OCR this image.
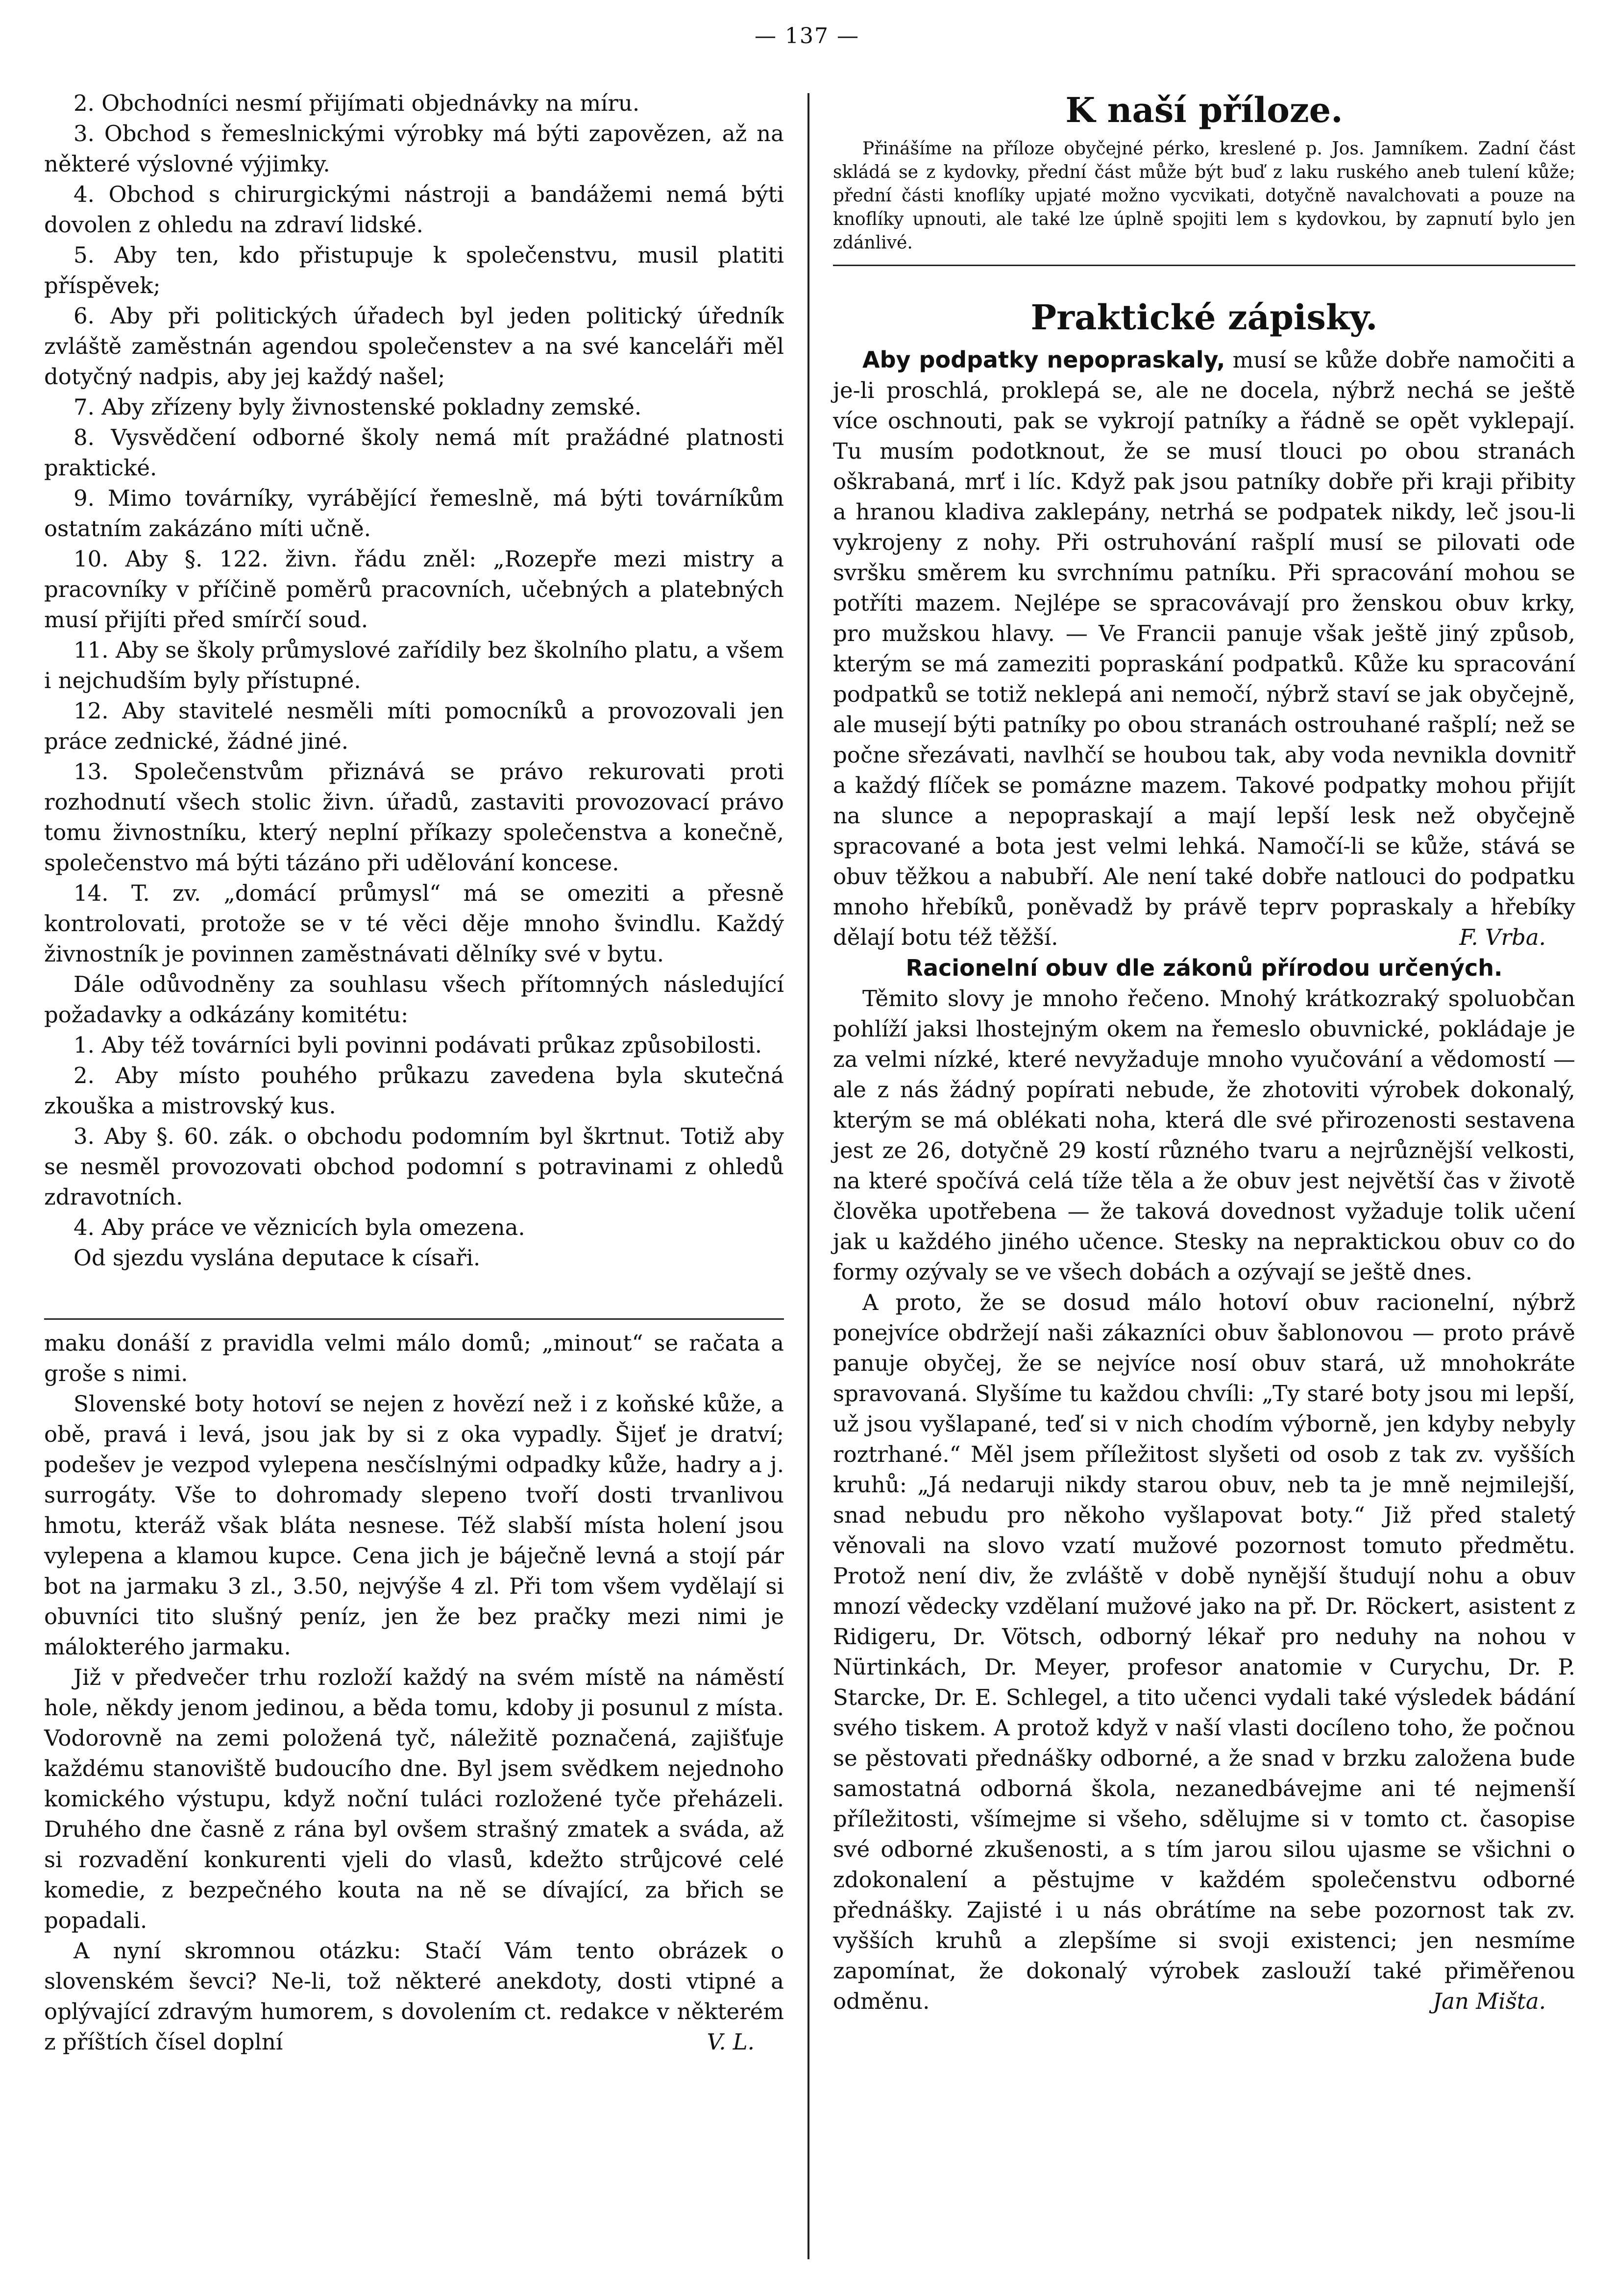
— 137 —

2. Obchodníci nesmí přijímati objednávky na míru.

3. Obchod s řemeslnickými výrobky má býti zapovězen, až na některé výslovné výjimky.

4. Obchod s chirurgickými nástroji a bandážemi nemá býti dovolen z ohledu na zdraví lidské.

5. Aby ten, kdo přistupuje k společenstvu, musil platiti příspěvek;

6. Aby při politických úřadech byl jeden politický úředník zvláště zaměstnán agendou společenstev a na své kanceláři měl dotyčný nadpis, aby jej každý našel;

7. Aby zřízeny byly živnostenské pokladny zemské.

8. Vysvědčení odborné školy nemá mít pražádné platnosti praktické.

9. Mimo továrníky, vyrábějící řemeslně, má býti továrníkům ostatním zakázáno míti učně.

10. Aby §. 122. živn. řádu zněl: „Rozepře mezi mistry a pracovníky v příčině poměrů pracovních, učebných a platebných musí přijíti před smírčí soud.

11. Aby se školy průmyslové zařídily bez školního platu, a všem i nejchudším byly přístupné.

12. Aby stavitelé nesměli míti pomocníků a provozovali jen práce zednické, žádné jiné.

13. Společenstvům přiznává se právo rekurovati proti rozhodnutí všech stolic živn. úřadů, zastaviti provozovací právo tomu živnostníku, který neplní příkazy společenstva a konečně, společenstvo má býti tázáno při udělování koncese.

14. T. zv. „domácí průmysl“ má se omeziti a přesně kontrolovati, protože se v té věci děje mnoho švindlu. Každý živnostník je povinnen zaměstnávati dělníky své v bytu.

Dále odůvodněny za souhlasu všech přítomných následující požadavky a odkázány komitétu:

1. Aby též továrníci byli povinni podávati průkaz způsobilosti.

2. Aby místo pouhého průkazu zavedena byla skutečná zkouška a mistrovský kus.

3. Aby §. 60. zák. o obchodu podomním byl škrtnut. Totiž aby se nesměl provozovati obchod podomní s potravinami z ohledů zdravotních.

4. Aby práce ve věznicích byla omezena.

Od sjezdu vyslána deputace k císaři.

maku donáší z pravidla velmi málo domů; „minout“ se račata a groše s nimi.

Slovenské boty hotoví se nejen z hovězí než i z koňské kůže, a obě, pravá i levá, jsou jak by si z oka vypadly. Šijeť je dratví; podešev je vezpod vylepena nesčíslnými odpadky kůže, hadry a j. surrogáty. Vše to dohromady slepeno tvoří dosti trvanlivou hmotu, kteráž však bláta nesnese. Též slabší místa holení jsou vylepena a klamou kupce. Cena jich je báječně levná a stojí pár bot na jarmaku 3 zl., 3.50, nejvýše 4 zl. Při tom všem vydělají si obuvníci tito slušný peníz, jen že bez pračky mezi nimi je málokterého jarmaku.

Již v předvečer trhu rozloží každý na svém místě na náměstí hole, někdy jenom jedinou, a běda tomu, kdoby ji posunul z místa. Vodorovně na zemi položená tyč, náležitě poznačená, zajišťuje každému stanoviště budoucího dne. Byl jsem svědkem nejednoho komického výstupu, když noční tuláci rozložené tyče přeházeli. Druhého dne časně z rána byl ovšem strašný zmatek a sváda, až si rozvadění konkurenti vjeli do vlasů, kdežto strůjcové celé komedie, z bezpečného kouta na ně se dívající, za břich se popadali.

A nyní skromnou otázku: Stačí Vám tento obrázek o slovenském ševci? Ne-li, tož některé anekdoty, dosti vtipné a oplývající zdravým humorem, s dovolením ct. redakce v některém z příštích čísel doplní	V. L.

K naší příloze.

Přinášíme na příloze obyčejné pérko, kreslené p. Jos. Jamníkem. Zadní část skládá se z kydovky, přední část může být buď z laku ruského aneb tulení kůže; přední části knoflíky upjaté možno vycvikati, dotyčně navalchovati a pouze na knoflíky upnouti, ale také lze úplně spojiti lem s kydovkou, by zapnutí bylo jen zdánlivé.

Praktické zápisky.

Aby podpatky nepopraskaly, musí se kůže dobře namočiti a je-li proschlá, proklepá se, ale ne docela, nýbrž nechá se ještě více oschnouti, pak se vykrojí patníky a řádně se opět vyklepají. Tu musím podotknout, že se musí tlouci po obou stranách oškrabaná, mrť i líc. Když pak jsou patníky dobře při kraji přibity a hranou kladiva zaklepány, netrhá se podpatek nikdy, leč jsou-li vykrojeny z nohy. Při ostruhování rašplí musí se pilovati ode svršku směrem ku svrchnímu patníku. Při spracování mohou se potříti mazem. Nejlépe se spracovávají pro ženskou obuv krky, pro mužskou hlavy. — Ve Francii panuje však ještě jiný způsob, kterým se má zameziti popraskání podpatků. Kůže ku spracování podpatků se totiž neklepá ani nemočí, nýbrž staví se jak obyčejně, ale musejí býti patníky po obou stranách ostrouhané rašplí; než se počne sřezávati, navlhčí se houbou tak, aby voda nevnikla dovnitř a každý flíček se pomázne mazem. Takové podpatky mohou přijít na slunce a nepopraskají a mají lepší lesk než obyčejně spracované a bota jest velmi lehká. Namočí-li se kůže, stává se obuv těžkou a nabubří. Ale není také dobře natlouci do podpatku mnoho hřebíků, poněvadž by právě teprv popraskaly a hřebíky dělají botu též těžší.	F. Vrba.

Racionelní obuv dle zákonů přírodou určených.

Těmito slovy je mnoho řečeno. Mnohý krátkozraký spoluobčan pohlíží jaksi lhostejným okem na řemeslo obuvnické, pokládaje je za velmi nízké, které nevyžaduje mnoho vyučování a vědomostí — ale z nás žádný popírati nebude, že zhotoviti výrobek dokonalý, kterým se má oblékati noha, která dle své přirozenosti sestavena jest ze 26, dotyčně 29 kostí různého tvaru a nejrůznější velkosti, na které spočívá celá tíže těla a že obuv jest největší čas v životě člověka upotřebena — že taková dovednost vyžaduje tolik učení jak u každého jiného učence. Stesky na nepraktickou obuv co do formy ozývaly se ve všech dobách a ozývají se ještě dnes.

A proto, že se dosud málo hotoví obuv racionelní, nýbrž ponejvíce obdržejí naši zákazníci obuv šablonovou — proto právě panuje obyčej, že se nejvíce nosí obuv stará, už mnohokráte spravovaná. Slyšíme tu každou chvíli: „Ty staré boty jsou mi lepší, už jsou vyšlapané, teď si v nich chodím výborně, jen kdyby nebyly roztrhané.“ Měl jsem příležitost slyšeti od osob z tak zv. vyšších kruhů: „Já nedaruji nikdy starou obuv, neb ta je mně nejmilejší, snad nebudu pro někoho vyšlapovat boty.“ Již před staletý věnovali na slovo vzatí mužové pozornost tomuto předmětu. Protož není div, že zvláště v době nynější študují nohu a obuv mnozí vědecky vzdělaní mužové jako na př. Dr. Röckert, asistent z Ridigeru, Dr. Vötsch, odborný lékař pro neduhy na nohou v Nürtinkách, Dr. Meyer, profesor anatomie v Curychu, Dr. P. Starcke, Dr. E. Schlegel, a tito učenci vydali také výsledek bádání svého tiskem. A protož když v naší vlasti docíleno toho, že počnou se pěstovati přednášky odborné, a že snad v brzku založena bude samostatná odborná škola, nezanedbávejme ani té nejmenší příležitosti, všímejme si všeho, sdělujme si v tomto ct. časopise své odborné zkušenosti, a s tím jarou silou ujasme se všichni o zdokonalení a pěstujme v každém společenstvu odborné přednášky. Zajisté i u nás obrátíme na sebe pozornost tak zv. vyšších kruhů a zlepšíme si svoji existenci; jen nesmíme zapomínat, že dokonalý výrobek zaslouží také přiměřenou odměnu.	Jan Mišta.
